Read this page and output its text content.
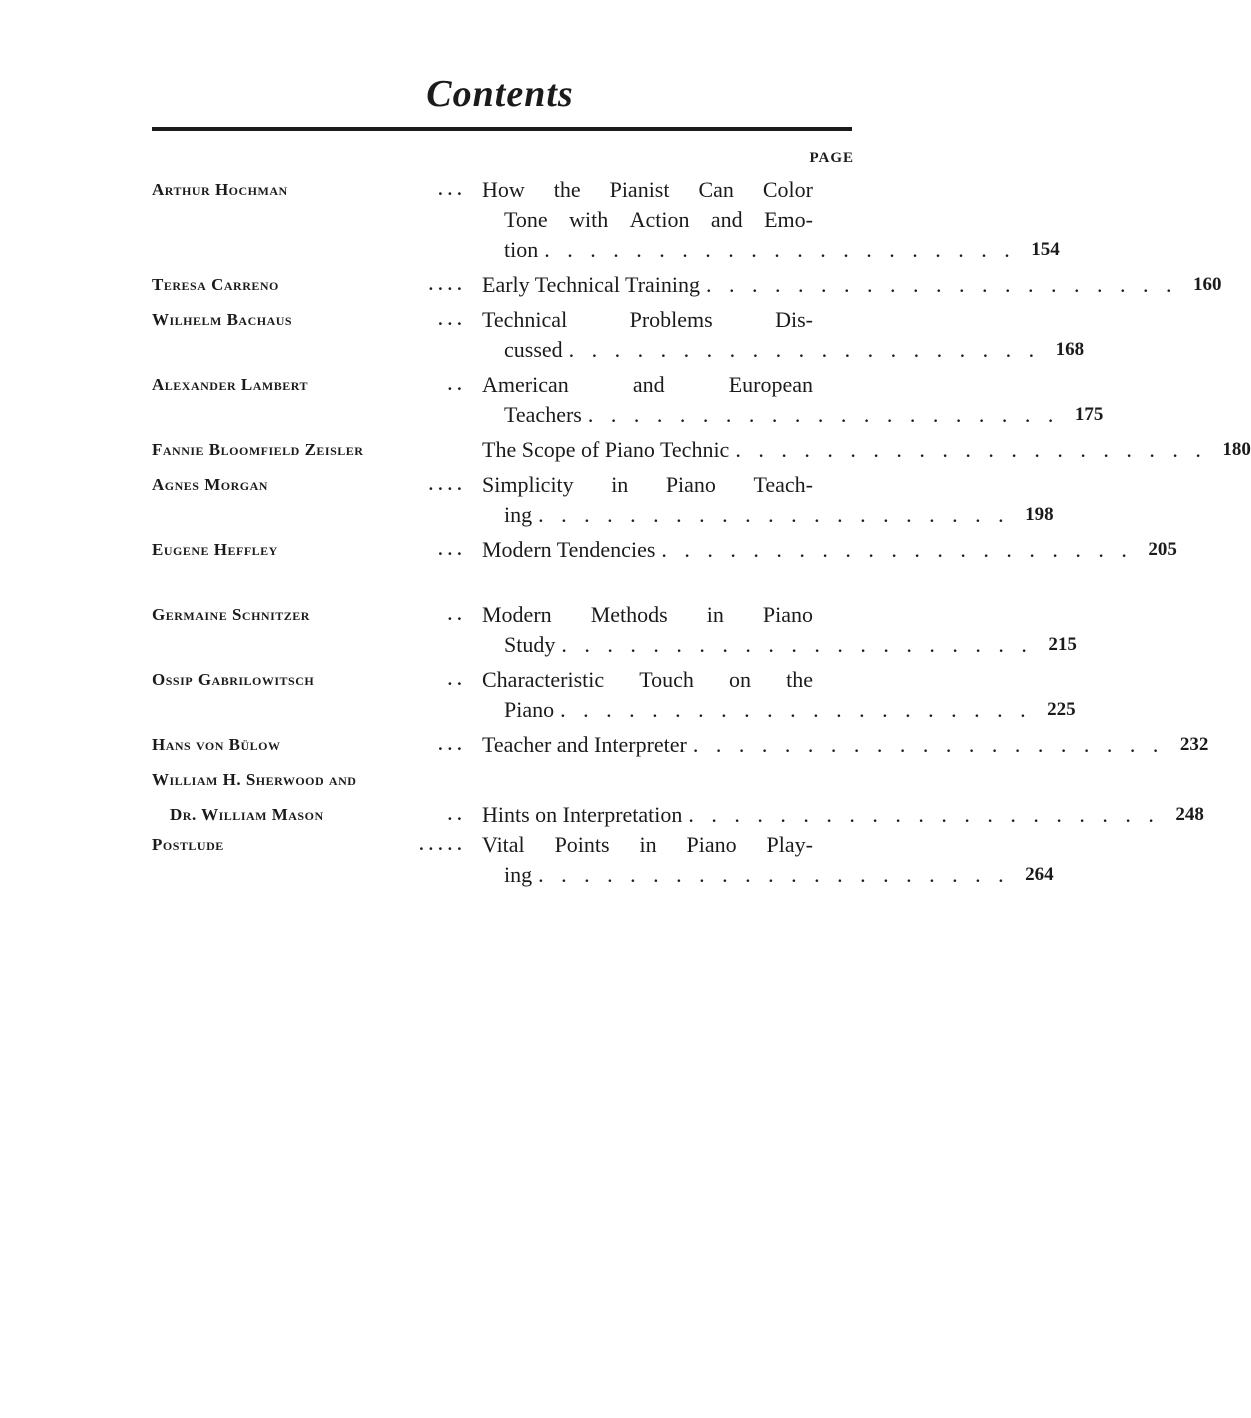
Contents
PAGE
Arthur Hochman	. . . How the Pianist Can Color
Tone with Action and Emo-
tion . . . . . . . . . . . . . . . . . . . . . 154
Teresa Carreno	. . . . Early Technical Training . . . . . . . . . . . . . . . . . . . . . 160
Wilhelm Bachaus	. . . Technical	Problems	Dis-
cussed . . . . . . . . . . . . . . . . . . . . . 168
Alexander Lambert	. . American	and	European
Teachers . . . . . . . . . . . . . . . . . . . . . 175
Fannie Bloomfield Zeisler	The Scope of Piano Technic . . . . . . . . . . . . . . . . . . . . . 180
Agnes Morgan	. . . . Simplicity in Piano Teach-
ing . . . . . . . . . . . . . . . . . . . . . 198
Eugene Heffley	. . . Modern Tendencies . . . . . . . . . . . . . . . . . . . . . 205
Germaine Schnitzer	. . Modern Methods in Piano
Study . . . . . . . . . . . . . . . . . . . . . 215
Ossip Gabrilowitsch	. . Characteristic Touch on the
Piano . . . . . . . . . . . . . . . . . . . . . 225
Hans von Bülow	. . . Teacher and Interpreter . . . . . . . . . . . . . . . . . . . . . 232
William H. Sherwood and
Dr. William Mason	. . Hints on Interpretation . . . . . . . . . . . . . . . . . . . . . 248
Postlude	. . . . . Vital Points in Piano Play-
ing . . . . . . . . . . . . . . . . . . . . . 264
